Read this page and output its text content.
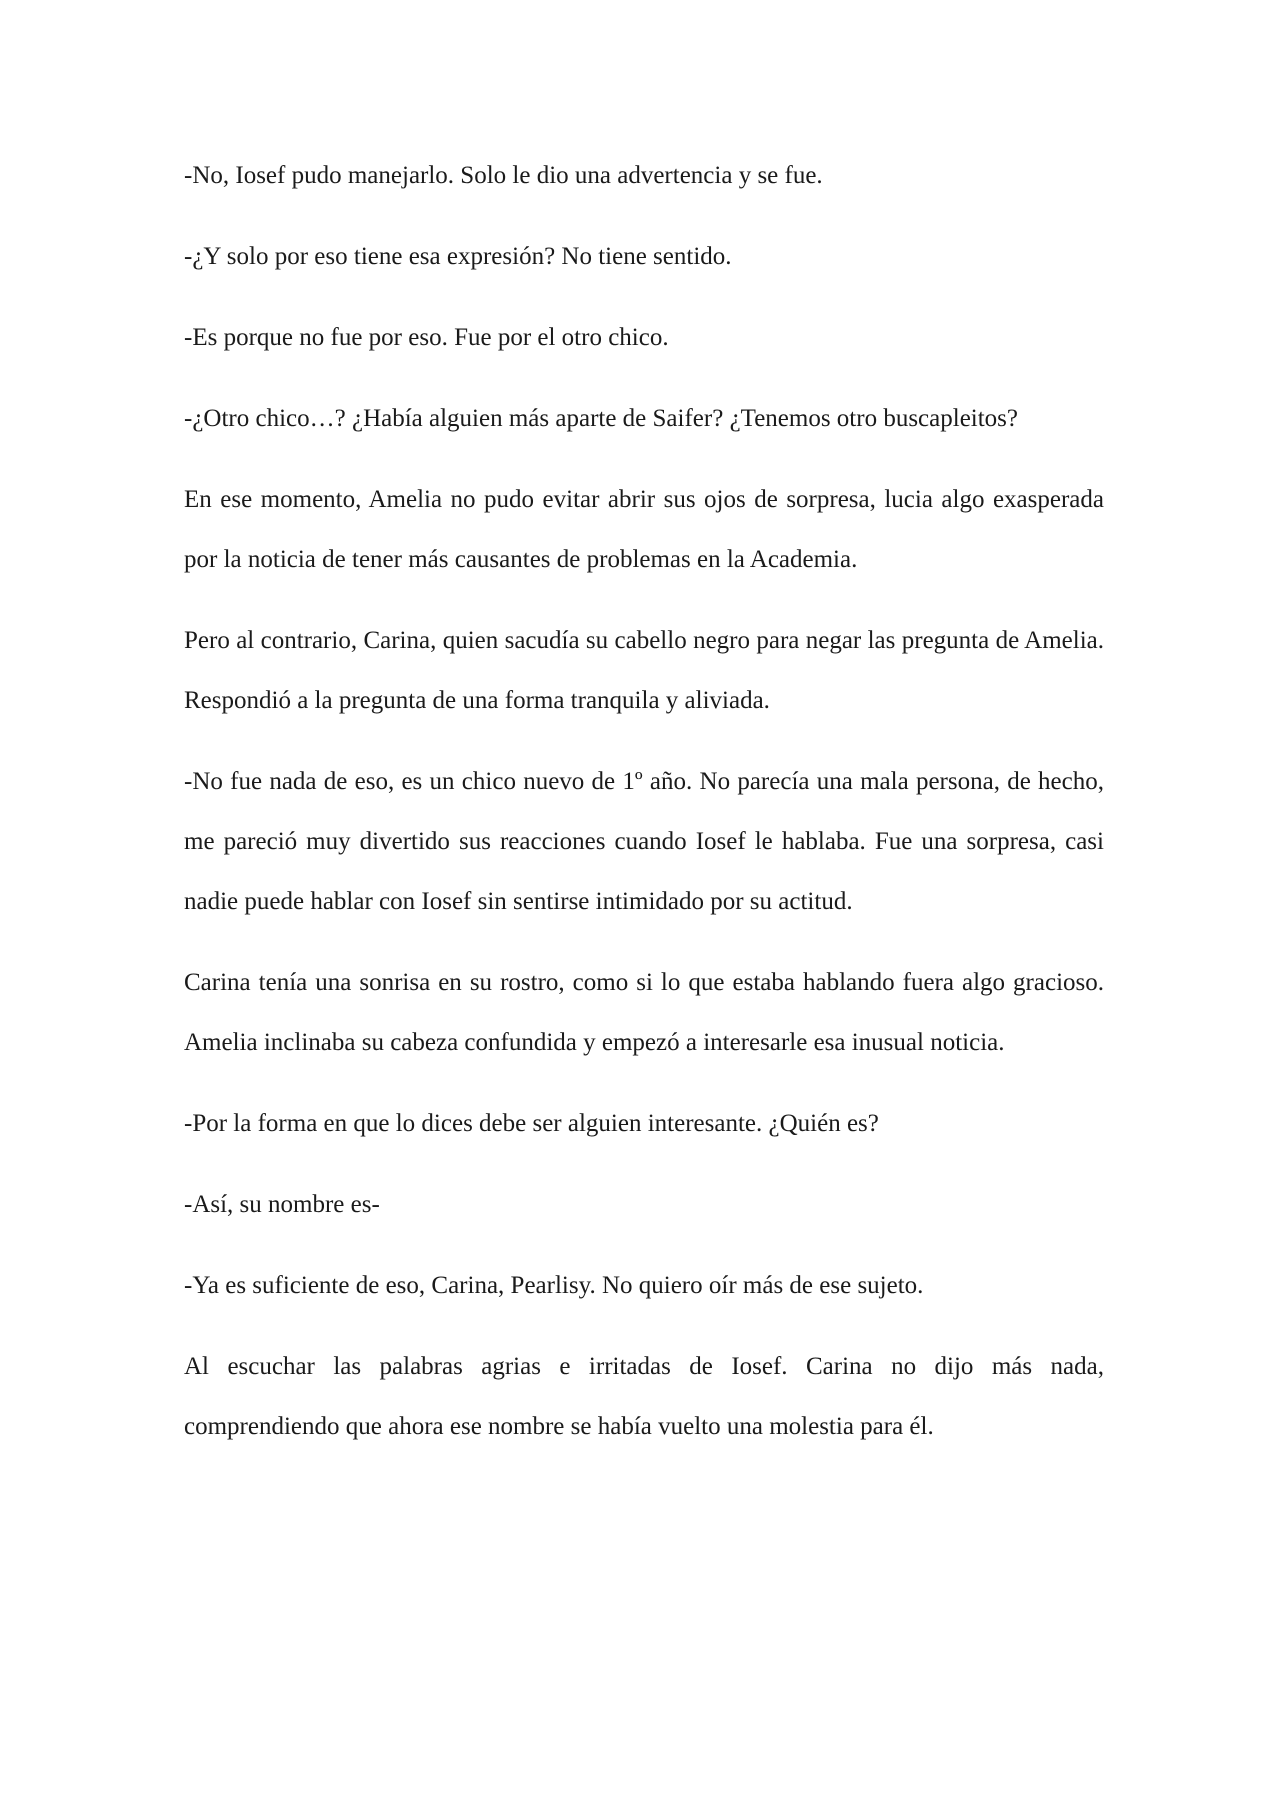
-No, Iosef pudo manejarlo. Solo le dio una advertencia y se fue.

-¿Y solo por eso tiene esa expresión? No tiene sentido.

-Es porque no fue por eso. Fue por el otro chico.

-¿Otro chico…? ¿Había alguien más aparte de Saifer? ¿Tenemos otro buscapleitos?

En ese momento, Amelia no pudo evitar abrir sus ojos de sorpresa, lucia algo exasperada por la noticia de tener más causantes de problemas en la Academia.

Pero al contrario, Carina, quien sacudía su cabello negro para negar las pregunta de Amelia. Respondió a la pregunta de una forma tranquila y aliviada.

-No fue nada de eso, es un chico nuevo de 1º año. No parecía una mala persona, de hecho, me pareció muy divertido sus reacciones cuando Iosef le hablaba. Fue una sorpresa, casi nadie puede hablar con Iosef sin sentirse intimidado por su actitud.

Carina tenía una sonrisa en su rostro, como si lo que estaba hablando fuera algo gracioso. Amelia inclinaba su cabeza confundida y empezó a interesarle esa inusual noticia.

-Por la forma en que lo dices debe ser alguien interesante. ¿Quién es?

-Así, su nombre es-

-Ya es suficiente de eso, Carina, Pearlisy. No quiero oír más de ese sujeto.

Al escuchar las palabras agrias e irritadas de Iosef. Carina no dijo más nada, comprendiendo que ahora ese nombre se había vuelto una molestia para él.
